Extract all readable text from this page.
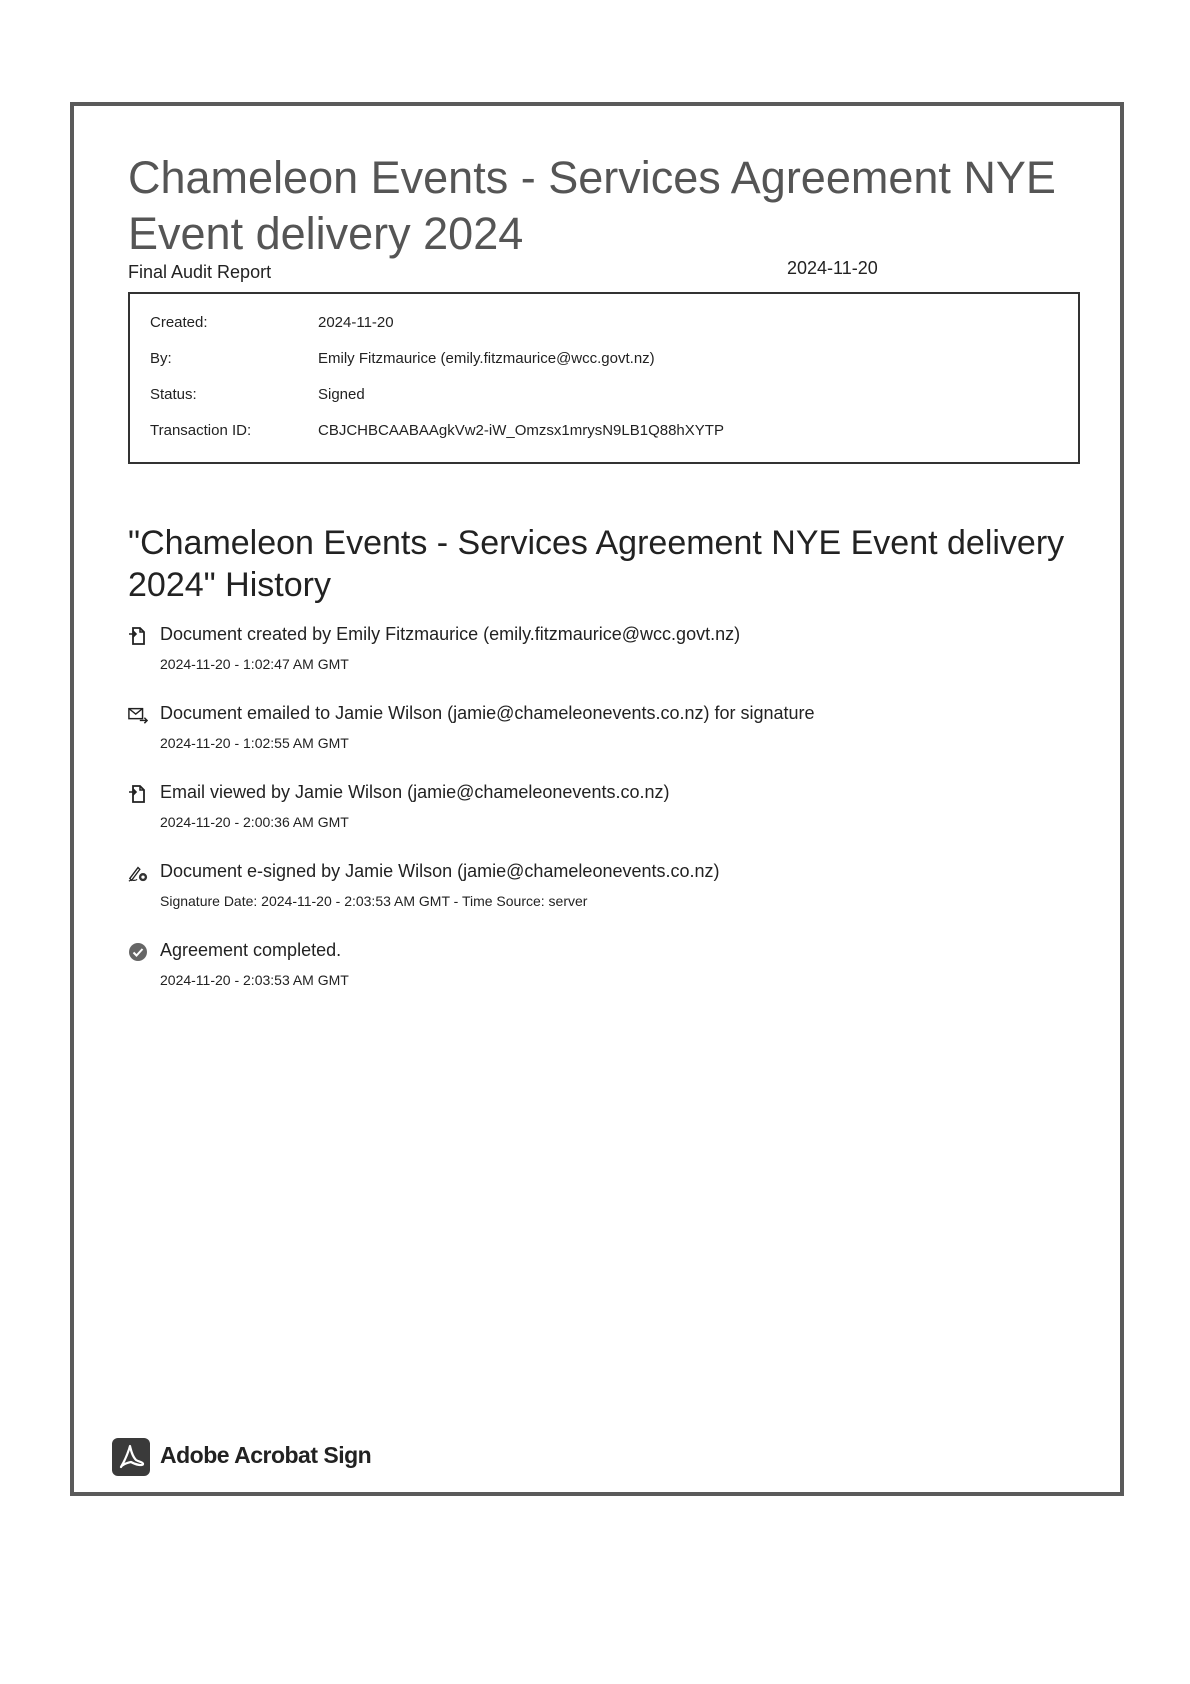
Chameleon Events - Services Agreement NYE Event delivery 2024
Final Audit Report	2024-11-20
Created:	2024-11-20
By:	Emily Fitzmaurice (emily.fitzmaurice@wcc.govt.nz)
Status:	Signed
Transaction ID:	CBJCHBCAABAAgkVw2-iW_Omzsx1mrysN9LB1Q88hXYTP
"Chameleon Events - Services Agreement NYE Event delivery 2024" History
Document created by Emily Fitzmaurice (emily.fitzmaurice@wcc.govt.nz)
2024-11-20 - 1:02:47 AM GMT
Document emailed to Jamie Wilson (jamie@chameleonevents.co.nz) for signature
2024-11-20 - 1:02:55 AM GMT
Email viewed by Jamie Wilson (jamie@chameleonevents.co.nz)
2024-11-20 - 2:00:36 AM GMT
Document e-signed by Jamie Wilson (jamie@chameleonevents.co.nz)
Signature Date: 2024-11-20 - 2:03:53 AM GMT - Time Source: server
Agreement completed.
2024-11-20 - 2:03:53 AM GMT
Adobe Acrobat Sign
